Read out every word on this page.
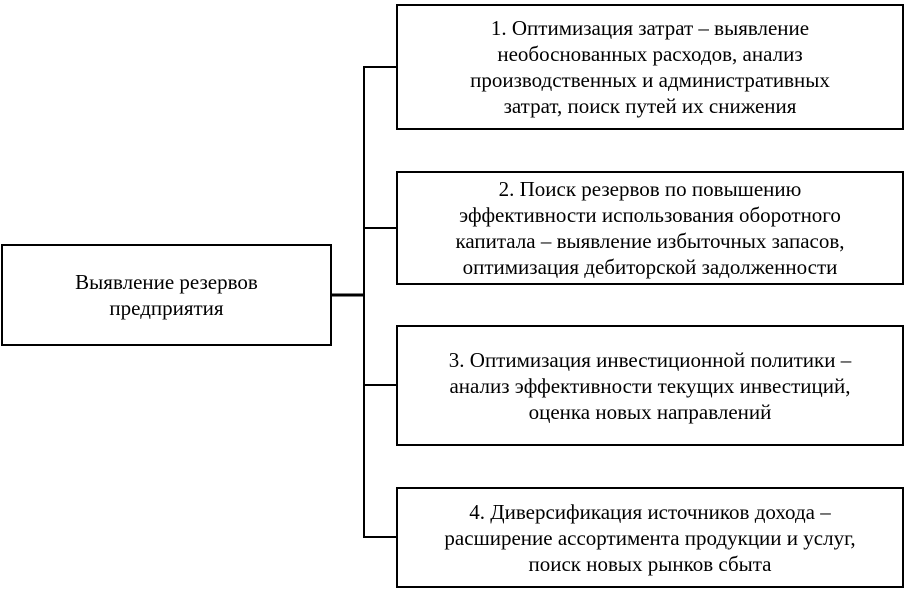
Выявление резервов
предприятия
1. Оптимизация затрат – выявление
необоснованных расходов, анализ
производственных и административных
затрат, поиск путей их снижения
2. Поиск резервов по повышению
эффективности использования оборотного
капитала – выявление избыточных запасов,
оптимизация дебиторской задолженности
3. Оптимизация инвестиционной политики –
анализ эффективности текущих инвестиций,
оценка новых направлений
4. Диверсификация источников дохода –
расширение ассортимента продукции и услуг,
поиск новых рынков сбыта
